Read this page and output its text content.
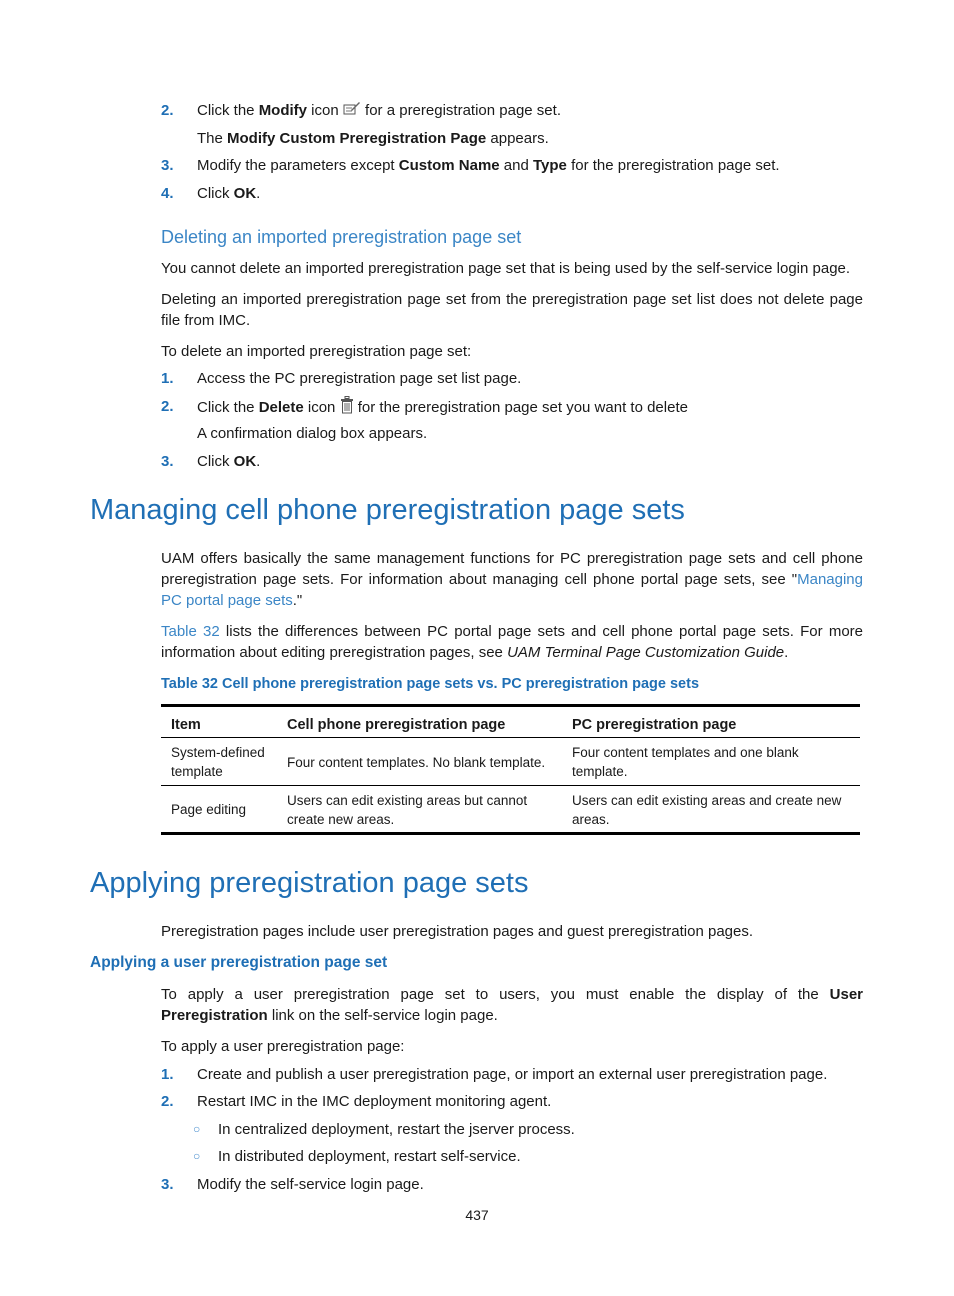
2. Click the Modify icon  for a preregistration page set.
The Modify Custom Preregistration Page appears.
3. Modify the parameters except Custom Name and Type for the preregistration page set.
4. Click OK.
Deleting an imported preregistration page set
You cannot delete an imported preregistration page set that is being used by the self-service login page.
Deleting an imported preregistration page set from the preregistration page set list does not delete page file from IMC.
To delete an imported preregistration page set:
1. Access the PC preregistration page set list page.
2. Click the Delete icon  for the preregistration page set you want to delete
A confirmation dialog box appears.
3. Click OK.
Managing cell phone preregistration page sets
UAM offers basically the same management functions for PC preregistration page sets and cell phone preregistration page sets. For information about managing cell phone portal page sets, see "Managing PC portal page sets."
Table 32 lists the differences between PC portal page sets and cell phone portal page sets. For more information about editing preregistration pages, see UAM Terminal Page Customization Guide.
Table 32 Cell phone preregistration page sets vs. PC preregistration page sets
Item	Cell phone preregistration page	PC preregistration page
System-defined template	Four content templates. No blank template.	Four content templates and one blank template.
Page editing	Users can edit existing areas but cannot create new areas.	Users can edit existing areas and create new areas.
Applying preregistration page sets
Preregistration pages include user preregistration pages and guest preregistration pages.
Applying a user preregistration page set
To apply a user preregistration page set to users, you must enable the display of the User Preregistration link on the self-service login page.
To apply a user preregistration page:
1. Create and publish a user preregistration page, or import an external user preregistration page.
2. Restart IMC in the IMC deployment monitoring agent.
○ In centralized deployment, restart the jserver process.
○ In distributed deployment, restart self-service.
3. Modify the self-service login page.
437
